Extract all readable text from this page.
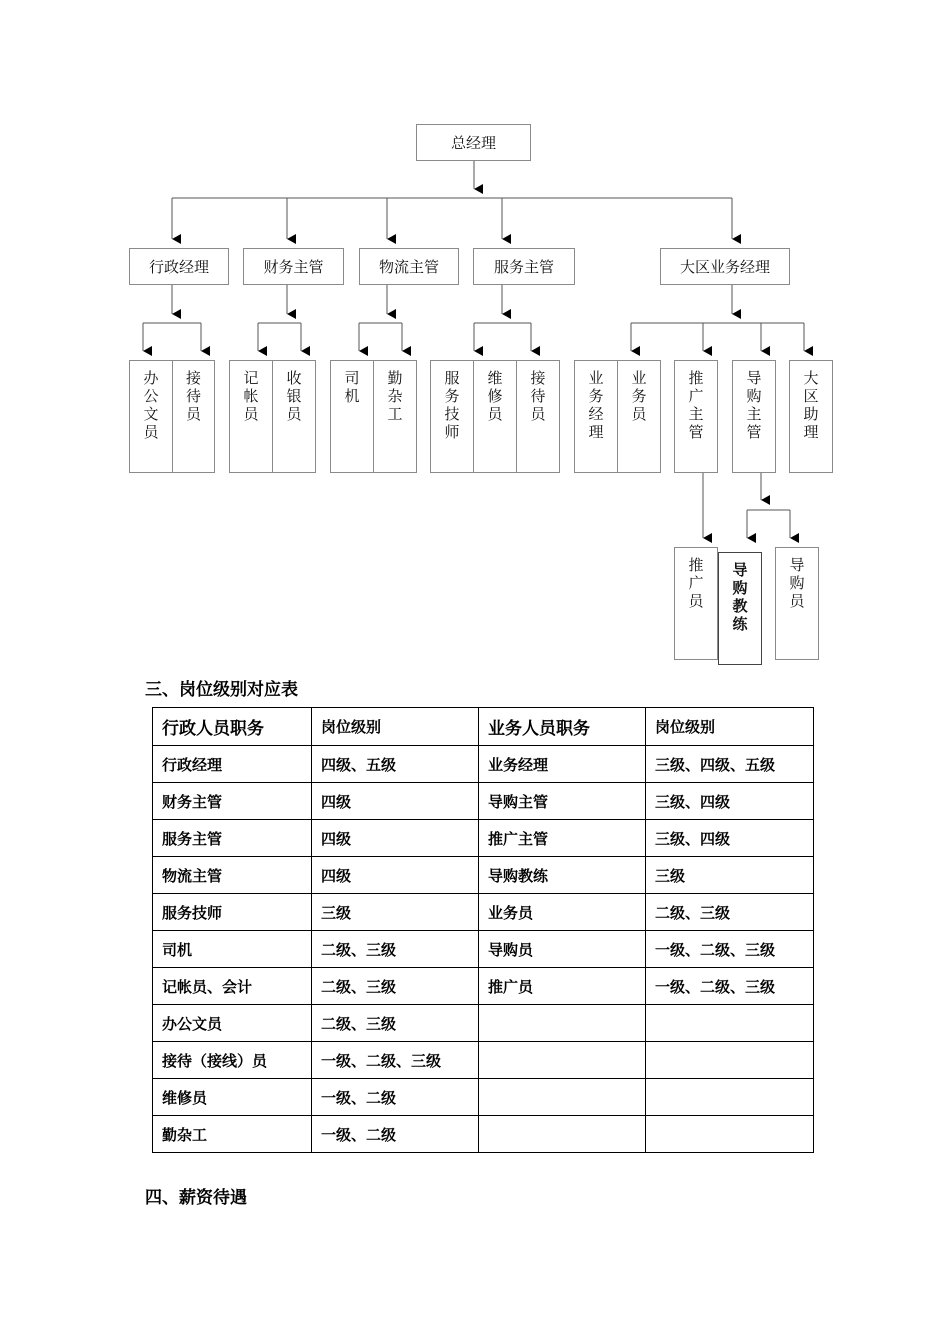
总经理
行政经理	财务主管	物流主管	服务主管	大区业务经理
办公文员
接待员
记帐员
收银员
司机
勤杂工
服务技师
维修员
接待员
业务经理
业务员
推广主管
导购主管
大区助理
推广员
导购教练
导购员
三、岗位级别对应表
行政人员职务	岗位级别	业务人员职务	岗位级别
行政经理	四级、五级	业务经理	三级、四级、五级
财务主管	四级	导购主管	三级、四级
服务主管	四级	推广主管	三级、四级
物流主管	四级	导购教练	三级
服务技师	三级	业务员	二级、三级
司机	二级、三级	导购员	一级、二级、三级
记帐员、会计	二级、三级	推广员	一级、二级、三级
办公文员	二级、三级		
接待（接线）员	一级、二级、三级		
维修员	一级、二级		
勤杂工	一级、二级		
四、薪资待遇
